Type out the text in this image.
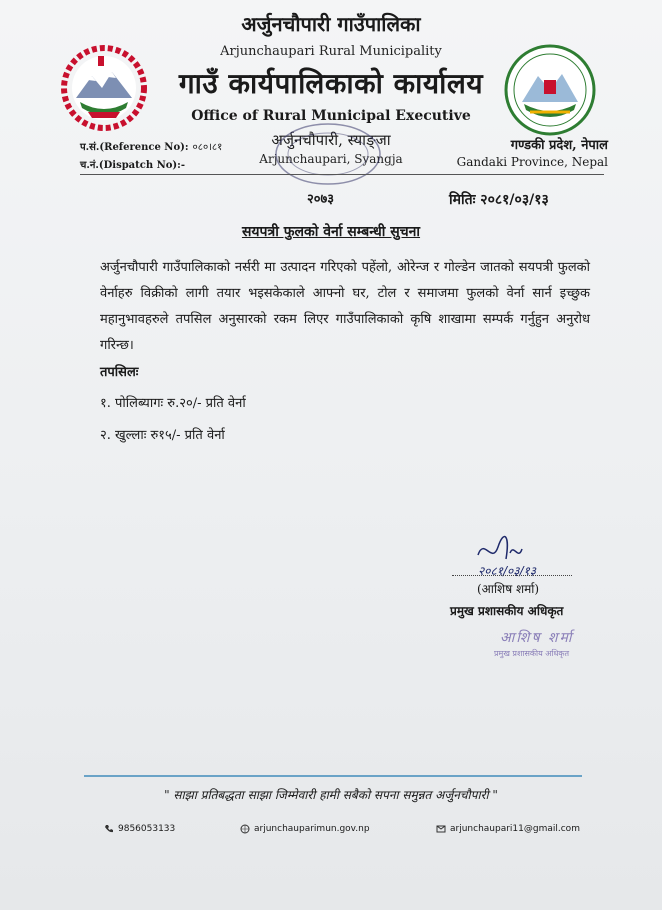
अर्जुनचौपारी गाउँपालिका
Arjunchaupari Rural Municipality
गाउँ कार्यपालिकाको कार्यालय
Office of Rural Municipal Executive
अर्जुनचौपारी, स्याङ्जा
Arjunchaupari, Syangja
२०७३
प.सं.(Reference No): ०८०।८१
च.नं.(Dispatch No):-
गण्डकी प्रदेश, नेपाल
Gandaki Province, Nepal
मितिः २०८१/०३/१३
सयपत्री फुलको वेर्ना सम्बन्धी सुचना
अर्जुनचौपारी गाउँपालिकाको नर्सरी मा उत्पादन गरिएको पहेंलो, ओरेन्ज र गोल्डेन जातको सयपत्री फुलको वेर्नाहरु विक्रीको लागी तयार भइसकेकाले आफ्नो घर, टोल र समाजमा फुलको वेर्ना सार्न इच्छुक महानुभावहरुले तपसिल अनुसारको रकम लिएर गाउँपालिकाको कृषि शाखामा सम्पर्क गर्नुहुन अनुरोध गरिन्छ।
तपसिलः
१. पोलिब्यागः रु.२०/- प्रति वेर्ना
२. खुल्लाः रु१५/- प्रति वेर्ना
२०८१/०३/१३
(आशिष शर्मा)
प्रमुख प्रशासकीय अधिकृत
आशिष शर्मा
प्रमुख प्रशासकीय अधिकृत
" साझा प्रतिबद्धता साझा जिम्मेवारी हामी सबैको सपना समुन्नत अर्जुनचौपारी "
9856053133	arjunchauparimun.gov.np	arjunchaupari11@gmail.com
